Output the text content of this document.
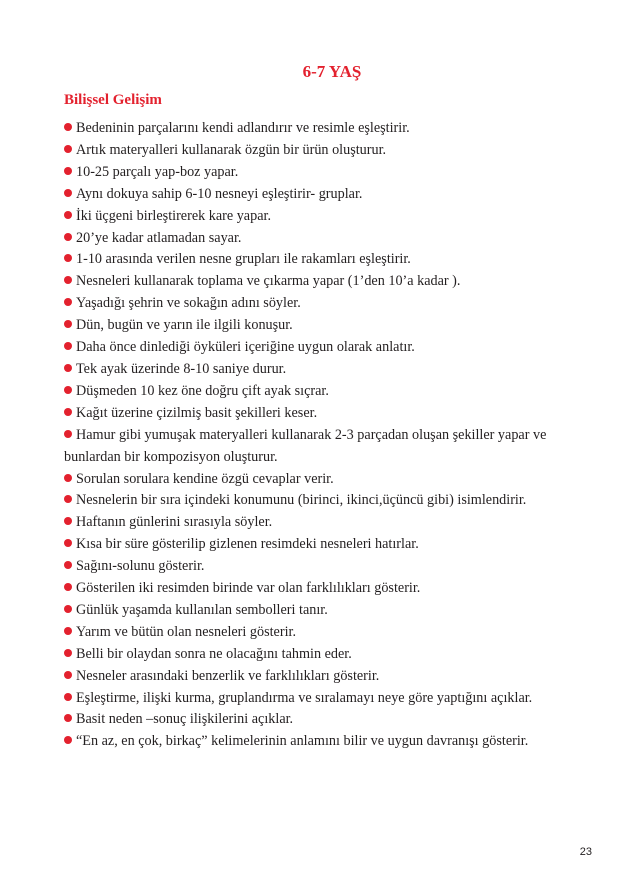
6-7 YAŞ
Bilişsel Gelişim
Bedeninin parçalarını kendi adlandırır ve resimle eşleştirir.
Artık materyalleri kullanarak özgün bir ürün oluşturur.
10-25 parçalı yap-boz yapar.
Aynı dokuya sahip 6-10 nesneyi eşleştirir- gruplar.
İki üçgeni birleştirerek kare yapar.
20’ye kadar atlamadan sayar.
1-10 arasında verilen nesne grupları ile rakamları eşleştirir.
Nesneleri kullanarak toplama ve çıkarma yapar (1’den 10’a kadar ).
Yaşadığı şehrin ve sokağın adını söyler.
Dün, bugün ve yarın ile ilgili konuşur.
Daha önce dinlediği öyküleri içeriğine uygun olarak anlatır.
Tek ayak üzerinde 8-10 saniye durur.
Düşmeden 10 kez öne doğru çift ayak sıçrar.
Kağıt üzerine çizilmiş basit şekilleri keser.
Hamur gibi yumuşak materyalleri kullanarak 2-3 parçadan oluşan şekiller yapar ve bunlardan bir kompozisyon oluşturur.
Sorulan sorulara kendine özgü cevaplar verir.
Nesnelerin bir sıra içindeki konumunu (birinci, ikinci,üçüncü gibi) isimlendirir.
Haftanın günlerini sırasıyla söyler.
Kısa bir süre gösterilip gizlenen resimdeki nesneleri hatırlar.
Sağını-solunu gösterir.
Gösterilen iki resimden birinde var olan farklılıkları gösterir.
Günlük yaşamda kullanılan sembolleri tanır.
Yarım ve bütün olan nesneleri gösterir.
Belli bir olaydan sonra ne olacağını tahmin eder.
Nesneler arasındaki benzerlik ve farklılıkları gösterir.
Eşleştirme, ilişki kurma, gruplandırma ve sıralamayı neye göre yaptığını açıklar.
Basit neden –sonuç ilişkilerini açıklar.
“En az, en çok, birkaç” kelimelerinin anlamını bilir ve uygun davranışı gösterir.
23
